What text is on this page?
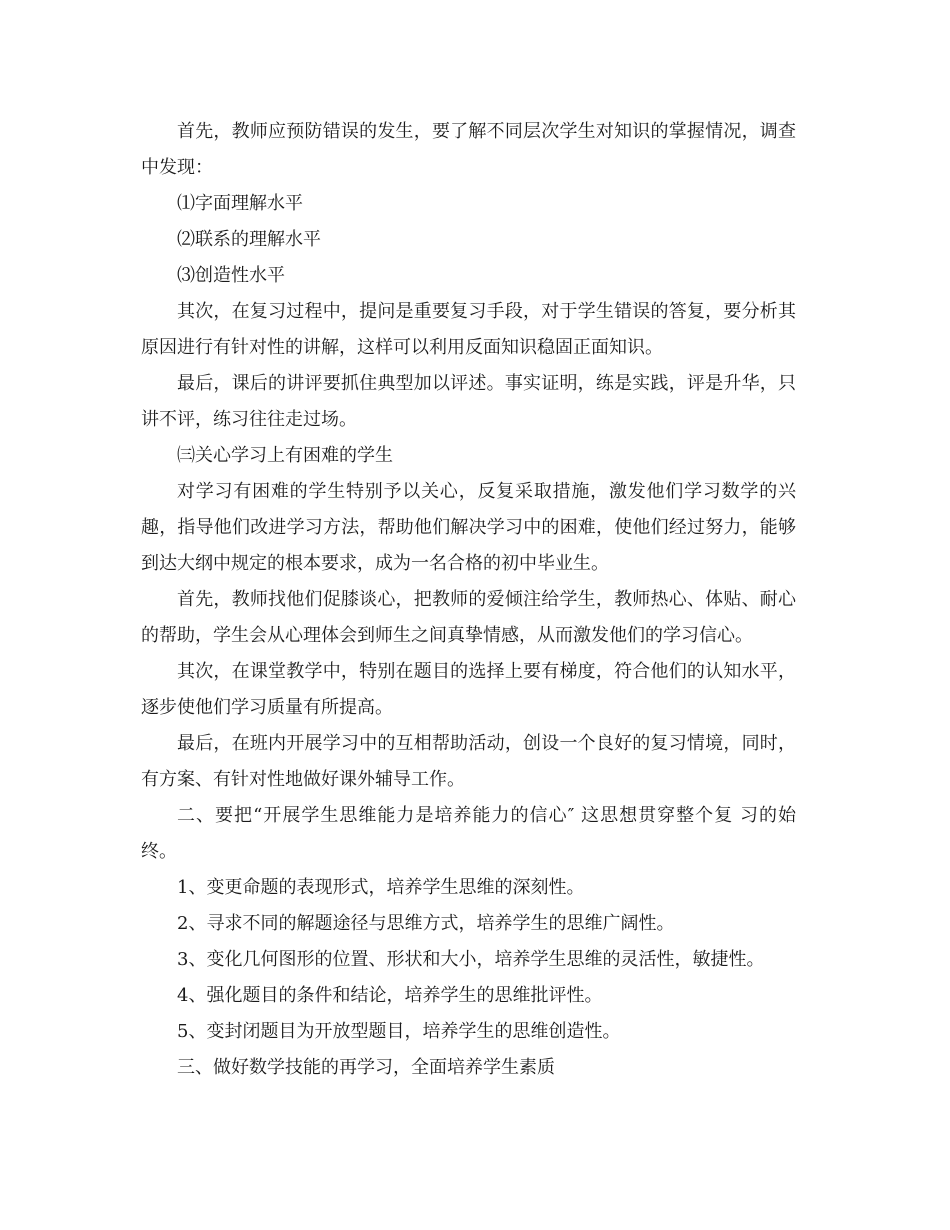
首先，教师应预防错误的发生，要了解不同层次学生对知识的掌握情况，调查中发现：

⑴字面理解水平

⑵联系的理解水平

⑶创造性水平

其次，在复习过程中，提问是重要复习手段，对于学生错误的答复，要分析其原因进行有针对性的讲解，这样可以利用反面知识稳固正面知识。

最后，课后的讲评要抓住典型加以评述。事实证明，练是实践，评是升华，只讲不评，练习往往走过场。

㈢关心学习上有困难的学生

对学习有困难的学生特别予以关心，反复采取措施，激发他们学习数学的兴趣，指导他们改进学习方法，帮助他们解决学习中的困难，使他们经过努力，能够到达大纲中规定的根本要求，成为一名合格的初中毕业生。

首先，教师找他们促膝谈心，把教师的爱倾注给学生，教师热心、体贴、耐心的帮助，学生会从心理体会到师生之间真挚情感，从而激发他们的学习信心。

其次，在课堂教学中，特别在题目的选择上要有梯度，符合他们的认知水平，逐步使他们学习质量有所提高。

最后，在班内开展学习中的互相帮助活动，创设一个良好的复习情境，同时，有方案、有针对性地做好课外辅导工作。

二、要把“开展学生思维能力是培养能力的信心″ 这思想贯穿整个复 习的始终。

1、变更命题的表现形式，培养学生思维的深刻性。

2、寻求不同的解题途径与思维方式，培养学生的思维广阔性。

3、变化几何图形的位置、形状和大小，培养学生思维的灵活性，敏捷性。

4、强化题目的条件和结论，培养学生的思维批评性。

5、变封闭题目为开放型题目，培养学生的思维创造性。

三、做好数学技能的再学习，全面培养学生素质
